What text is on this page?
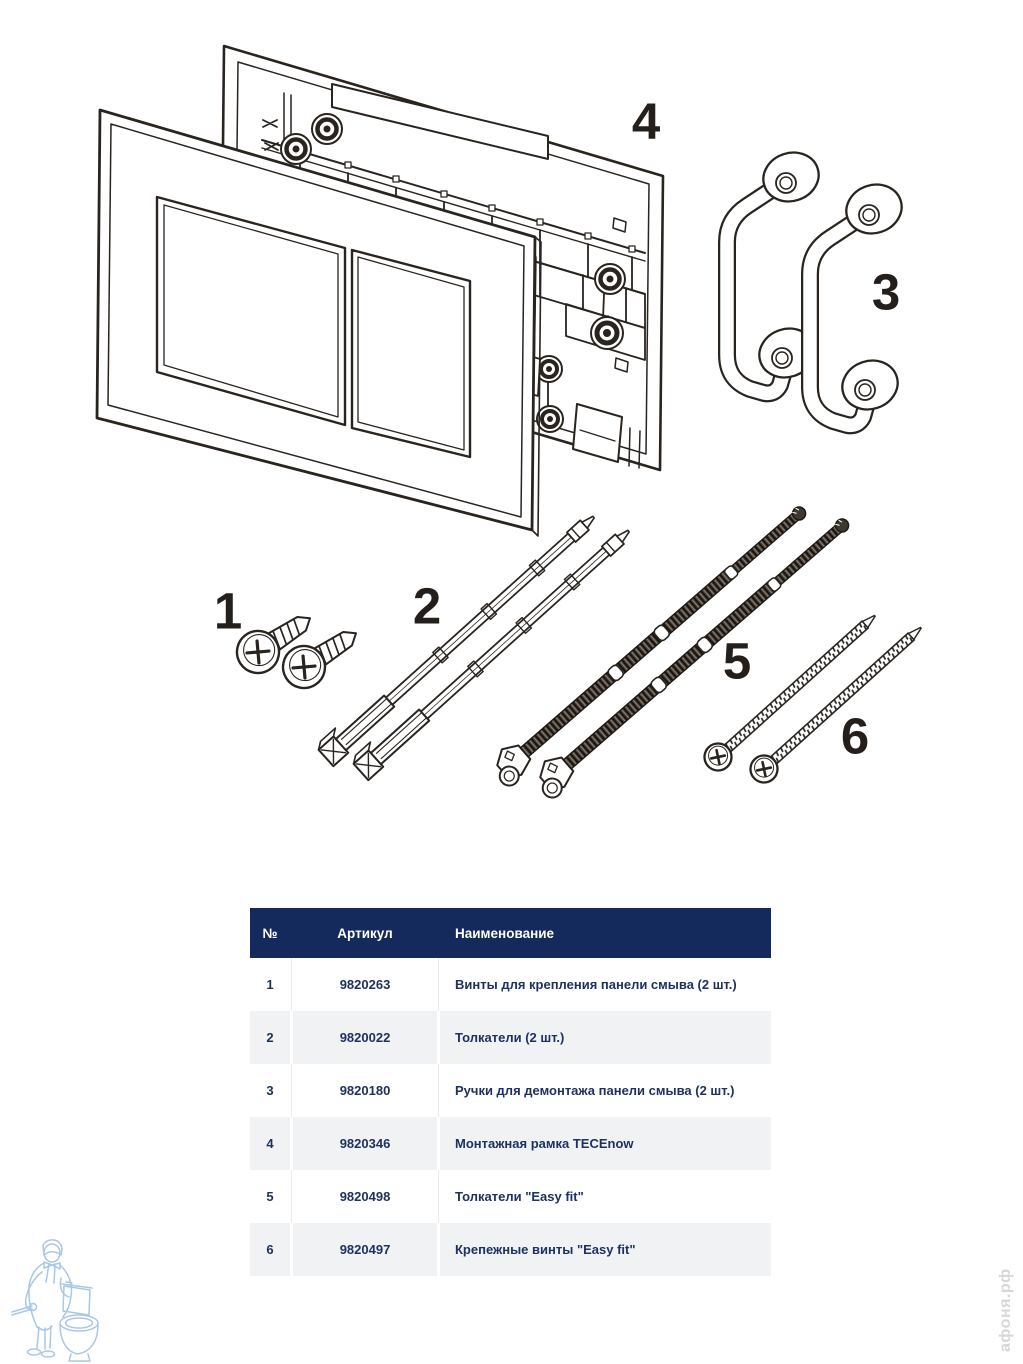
1	2
3
4
5
6
№	Артикул	Наименование
1	9820263	Винты для крепления панели смыва (2 шт.)
2	9820022	Толкатели (2 шт.)
3	9820180	Ручки для демонтажа панели смыва (2 шт.)
4	9820346	Монтажная рамка TECEnow
5	9820498	Толкатели "Easy fit"
6	9820497	Крепежные винты "Easy fit"
афоня.рф
